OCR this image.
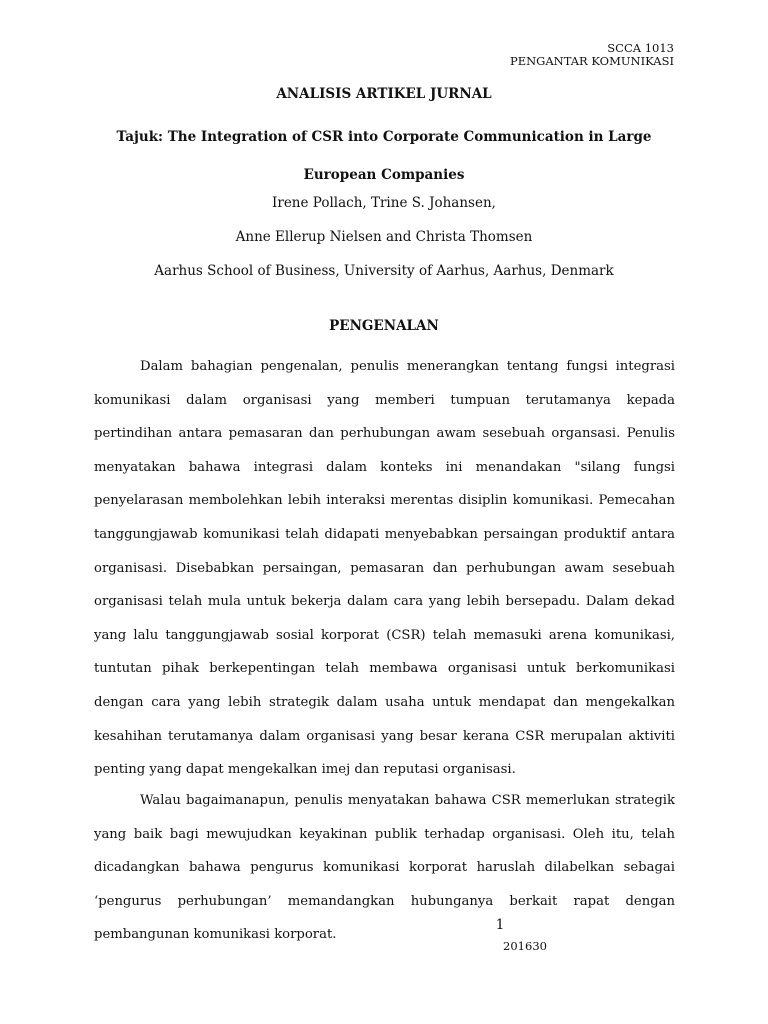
SCCA 1013
PENGANTAR KOMUNIKASI
ANALISIS ARTIKEL JURNAL
Tajuk: The Integration of CSR into Corporate Communication in Large European Companies
Irene Pollach, Trine S. Johansen,
Anne Ellerup Nielsen and Christa Thomsen
Aarhus School of Business, University of Aarhus, Aarhus, Denmark
PENGENALAN

Dalam bahagian pengenalan, penulis menerangkan tentang fungsi integrasi komunikasi dalam organisasi yang memberi tumpuan terutamanya kepada pertindihan antara pemasaran dan perhubungan awam sesebuah organsasi. Penulis menyatakan bahawa integrasi dalam konteks ini menandakan "silang fungsi penyelarasan membolehkan lebih interaksi merentas disiplin komunikasi. Pemecahan tanggungjawab komunikasi telah didapati menyebabkan persaingan produktif antara organisasi. Disebabkan persaingan, pemasaran dan perhubungan awam sesebuah organisasi telah mula untuk bekerja dalam cara yang lebih bersepadu. Dalam dekad yang lalu tanggungjawab sosial korporat (CSR) telah memasuki arena komunikasi, tuntutan pihak berkepentingan telah membawa organisasi untuk berkomunikasi dengan cara yang lebih strategik dalam usaha untuk mendapat dan mengekalkan kesahihan terutamanya dalam organisasi yang besar kerana CSR merupalan aktiviti penting yang dapat mengekalkan imej dan reputasi organisasi.

Walau bagaimanapun, penulis menyatakan bahawa CSR memerlukan strategik yang baik bagi mewujudkan keyakinan publik terhadap organisasi. Oleh itu, telah dicadangkan bahawa pengurus komunikasi korporat haruslah dilabelkan sebagai ‘pengurus perhubungan’ memandangkan hubunganya berkait rapat dengan pembangunan komunikasi korporat.

1
201630
